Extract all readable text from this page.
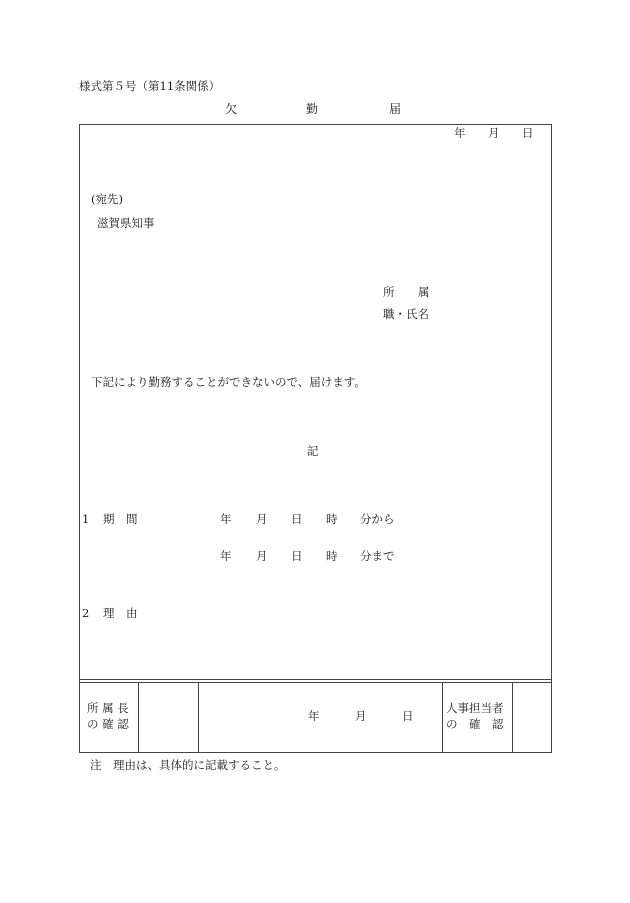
様式第５号（第11条関係）
欠	勤	届
年 月 日
(宛先)
滋賀県知事
所 属
職・氏名
下記により勤務することができないので、届けます。
記
1 期 間	年 月 日 時 分から
年 月 日 時 分まで
2 理 由
所 属 長
の 確 認
年	月	日
人事担当者
の　確　認
注　理由は、具体的に記載すること。
